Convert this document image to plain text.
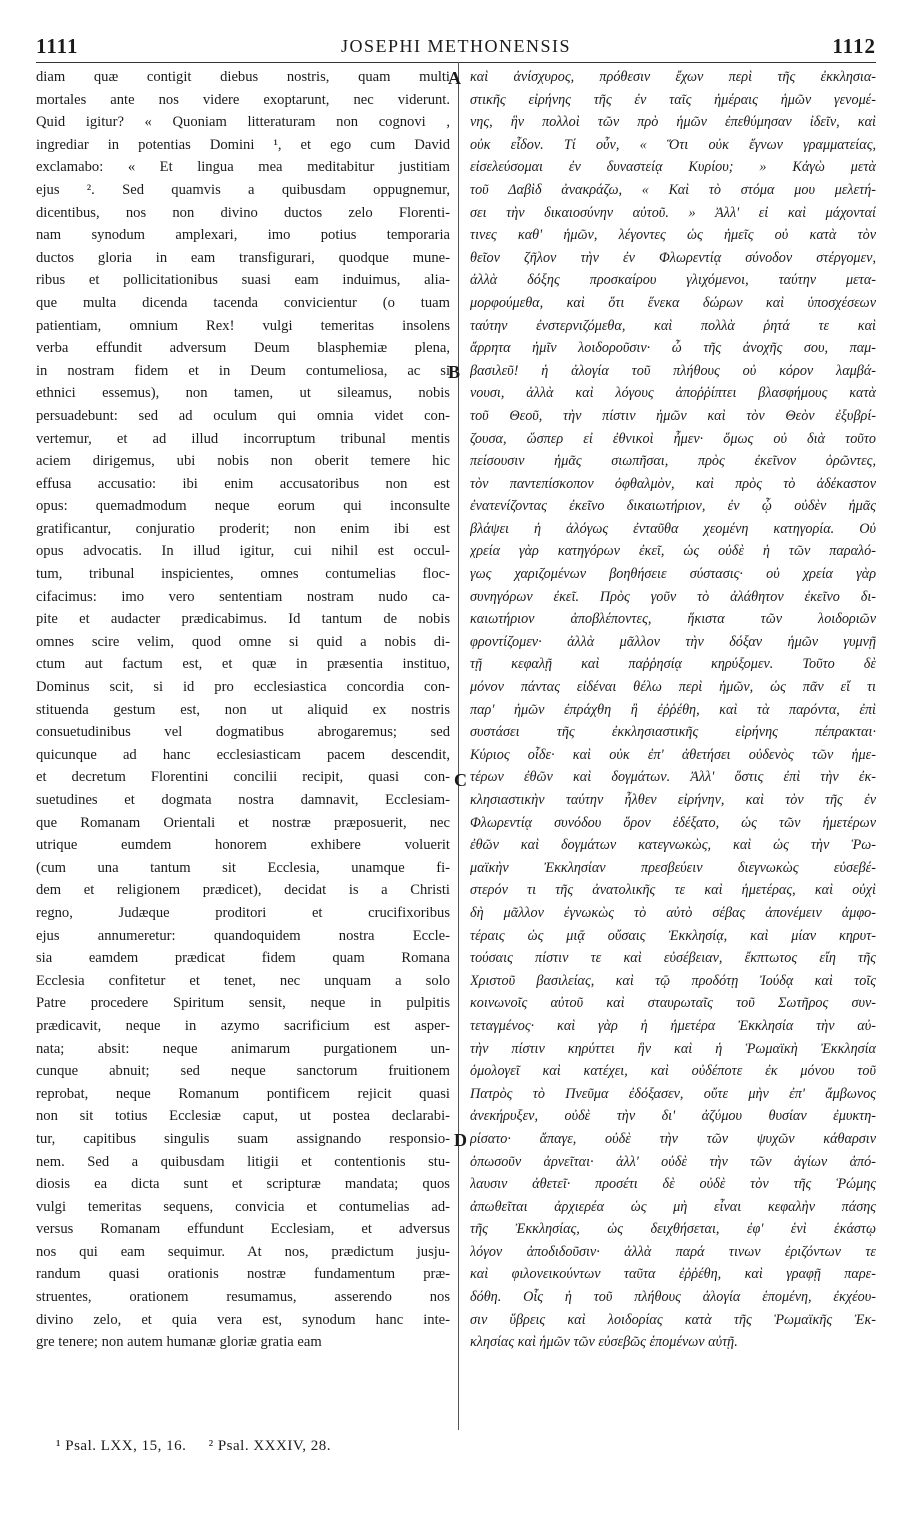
1111	JOSEPHI METHONENSIS	1112
diam quæ contigit diebus nostris, quam multi
mortales ante nos videre exoptarunt, nec viderunt.
Quid igitur? « Quoniam litteraturam non cognovi ,
ingrediar in potentias Domini ¹, et ego cum David
exclamabo: « Et lingua mea meditabitur justitiam
ejus ². Sed quamvis a quibusdam oppugnemur,
dicentibus, nos non divino ductos zelo Florenti-
nam synodum amplexari, imo potius temporaria
ductos gloria in eam transfigurari, quodque mune-
ribus et pollicitationibus suasi eam induimus, alia-
que multa dicenda tacenda convicientur (o tuam
patientiam, omnium Rex! vulgi temeritas insolens
verba effundit adversum Deum blasphemiæ plena,
in nostram fidem et in Deum contumeliosa, ac si
ethnici essemus), non tamen, ut sileamus, nobis
persuadebunt: sed ad oculum qui omnia videt con-
vertemur, et ad illud incorruptum tribunal mentis
aciem dirigemus, ubi nobis non oberit temere hic
effusa accusatio: ibi enim accusatoribus non est
opus: quemadmodum neque eorum qui inconsulte
gratificantur, conjuratio proderit; non enim ibi est
opus advocatis. In illud igitur, cui nihil est occul-
tum, tribunal inspicientes, omnes contumelias floc-
cifacimus: imo vero sententiam nostram nudo ca-
pite et audacter prædicabimus. Id tantum de nobis
omnes scire velim, quod omne si quid a nobis di-
ctum aut factum est, et quæ in præsentia instituo,
Dominus scit, si id pro ecclesiastica concordia con-
stituenda gestum est, non ut aliquid ex nostris
consuetudinibus vel dogmatibus abrogaremus; sed
quicunque ad hanc ecclesiasticam pacem descendit,
et decretum Florentini concilii recipit, quasi con-
suetudines et dogmata nostra damnavit, Ecclesiam-
que Romanam Orientali et nostræ præposuerit, nec
utrique eumdem honorem exhibere voluerit
(cum una tantum sit Ecclesia, unamque fi-
dem et religionem prædicet), decidat is a Christi
regno, Judæque proditori et crucifixoribus
ejus annumeretur: quandoquidem nostra Eccle-
sia eamdem prædicat fidem quam Romana
Ecclesia confitetur et tenet, nec unquam a solo
Patre procedere Spiritum sensit, neque in pulpitis
prædicavit, neque in azymo sacrificium est asper-
nata; absit: neque animarum purgationem un-
cunque abnuit; sed neque sanctorum fruitionem
reprobat, neque Romanum pontificem rejicit quasi
non sit totius Ecclesiæ caput, ut postea declarabi-
tur, capitibus singulis suam assignando responsio-
nem. Sed a quibusdam litigii et contentionis stu-
diosis ea dicta sunt et scripturæ mandata; quos
vulgi temeritas sequens, convicia et contumelias ad-
versus Romanam effundunt Ecclesiam, et adversus
nos qui eam sequimur. At nos, prædictum jusju-
randum quasi orationis nostræ fundamentum præ-
struentes, orationem resumamus, asserendo nos
divino zelo, et quia vera est, synodum hanc inte-
gre tenere; non autem humanæ gloriæ gratia eam
καὶ ἀνίσχυρος, πρόθεσιν ἔχων περὶ τῆς ἐκκλησια-
στικῆς εἰρήνης τῆς ἐν ταῖς ἡμέραις ἡμῶν γενομέ-
νης, ἣν πολλοὶ τῶν πρὸ ἡμῶν ἐπεθύμησαν ἰδεῖν, καὶ
οὐκ εἶδον. Τί οὖν, « Ὅτι οὐκ ἔγνων γραμματείας,
εἰσελεύσομαι ἐν δυναστείᾳ Κυρίου; » Κἀγὼ μετὰ
τοῦ Δαβὶδ ἀνακράζω, « Καὶ τὸ στόμα μου μελετή-
σει τὴν δικαιοσύνην αὐτοῦ. » Ἀλλ' εἰ καὶ μάχονταί
τινες καθ' ἡμῶν, λέγοντες ὡς ἡμεῖς οὐ κατὰ τὸν
θεῖον ζῆλον τὴν ἐν Φλωρεντίᾳ σύνοδον στέργομεν,
ἀλλὰ δόξης προσκαίρου γλιχόμενοι, ταύτην μετα-
μορφούμεθα, καὶ ὅτι ἕνεκα δώρων καὶ ὑποσχέσεων
ταύτην ἐνστερνιζόμεθα, καὶ πολλὰ ῥητά τε καὶ
ἄρρητα ἡμῖν λοιδοροῦσιν· ὦ τῆς ἀνοχῆς σου, παμ-
βασιλεῦ! ἡ ἀλογία τοῦ πλήθους οὐ κόρον λαμβά-
νουσι, ἀλλὰ καὶ λόγους ἀποῤῥίπτει βλασφήμους κατὰ
τοῦ Θεοῦ, τὴν πίστιν ἡμῶν καὶ τὸν Θεὸν ἐξυβρί-
ζουσα, ὥσπερ εἰ ἐθνικοὶ ἦμεν· ὅμως οὐ διὰ τοῦτο
πείσουσιν ἡμᾶς σιωπῆσαι, πρὸς ἐκεῖνον ὁρῶντες,
τὸν παντεπίσκοπον ὀφθαλμὸν, καὶ πρὸς τὸ ἀδέκαστον
ἐνατενίζοντας ἐκεῖνο δικαιωτήριον, ἐν ᾧ οὐδὲν ἡμᾶς
βλάψει ἡ ἀλόγως ἐνταῦθα χεομένη κατηγορία. Οὐ
χρεία γὰρ κατηγόρων ἐκεῖ, ὡς οὐδὲ ἡ τῶν παραλό-
γως χαριζομένων βοηθήσειε σύστασις· οὐ χρεία γὰρ
συνηγόρων ἐκεῖ. Πρὸς γοῦν τὸ ἀλάθητον ἐκεῖνο δι-
καιωτήριον ἀποβλέποντες, ἥκιστα τῶν λοιδοριῶν
φροντίζομεν· ἀλλὰ μᾶλλον τὴν δόξαν ἡμῶν γυμνῇ
τῇ κεφαλῇ καὶ παῤῥησίᾳ κηρύξομεν. Τοῦτο δὲ
μόνον πάντας εἰδέναι θέλω περὶ ἡμῶν, ὡς πᾶν εἴ τι
παρ' ἡμῶν ἐπράχθη ἢ ἐῤῥέθη, καὶ τὰ παρόντα, ἐπὶ
συστάσει τῆς ἐκκλησιαστικῆς εἰρήνης πέπρακται·
Κύριος οἶδε· καὶ οὐκ ἐπ' ἀθετήσει οὐδενὸς τῶν ἡμε-
τέρων ἐθῶν καὶ δογμάτων. Ἀλλ' ὅστις ἐπὶ τὴν ἐκ-
κλησιαστικὴν ταύτην ἦλθεν εἰρήνην, καὶ τὸν τῆς ἐν
Φλωρεντίᾳ συνόδου ὅρον ἐδέξατο, ὡς τῶν ἡμετέρων
ἐθῶν καὶ δογμάτων κατεγνωκὼς, καὶ ὡς τὴν Ῥω-
μαϊκὴν Ἐκκλησίαν πρεσβεύειν διεγνωκὼς εὐσεβέ-
στερόν τι τῆς ἀνατολικῆς τε καὶ ἡμετέρας, καὶ οὐχὶ
δὴ μᾶλλον ἐγνωκὼς τὸ αὐτὸ σέβας ἀπονέμειν ἀμφο-
τέραις ὡς μιᾷ οὔσαις Ἐκκλησίᾳ, καὶ μίαν κηρυτ-
τούσαις πίστιν τε καὶ εὐσέβειαν, ἔκπτωτος εἴη τῆς
Χριστοῦ βασιλείας, καὶ τῷ προδότῃ Ἰούδᾳ καὶ τοῖς
κοινωνοῖς αὐτοῦ καὶ σταυρωταῖς τοῦ Σωτῆρος συν-
τεταγμένος· καὶ γὰρ ἡ ἡμετέρα Ἐκκλησία τὴν αὐ-
τὴν πίστιν κηρύττει ἣν καὶ ἡ Ῥωμαϊκὴ Ἐκκλησία
ὁμολογεῖ καὶ κατέχει, καὶ οὐδέποτε ἐκ μόνου τοῦ
Πατρὸς τὸ Πνεῦμα ἐδόξασεν, οὔτε μὴν ἐπ' ἄμβωνος
ἀνεκήρυξεν, οὐδὲ τὴν δι' ἀζύμου θυσίαν ἐμυκτη-
ρίσατο· ἄπαγε, οὐδὲ τὴν τῶν ψυχῶν κάθαρσιν
ὁπωσοῦν ἀρνεῖται· ἀλλ' οὐδὲ τὴν τῶν ἁγίων ἀπό-
λαυσιν ἀθετεῖ· προσέτι δὲ οὐδὲ τὸν τῆς Ῥώμης
ἀπωθεῖται ἀρχιερέα ὡς μὴ εἶναι κεφαλὴν πάσης
τῆς Ἐκκλησίας, ὡς δειχθήσεται, ἐφ' ἑνὶ ἑκάστῳ
λόγον ἀποδιδοῦσιν· ἀλλὰ παρά τινων ἐριζόντων τε
καὶ φιλονεικούντων ταῦτα ἐῤῥέθη, καὶ γραφῇ παρε-
δόθη. Οἷς ἡ τοῦ πλήθους ἀλογία ἑπομένη, ἐκχέου-
σιν ὕβρεις καὶ λοιδορίας κατὰ τῆς Ῥωμαϊκῆς Ἐκ-
κλησίας καὶ ἡμῶν τῶν εὐσεβῶς ἑπομένων αὐτῇ.
A
B
C
D
¹ Psal. LXX, 15, 16. ² Psal. XXXIV, 28.
